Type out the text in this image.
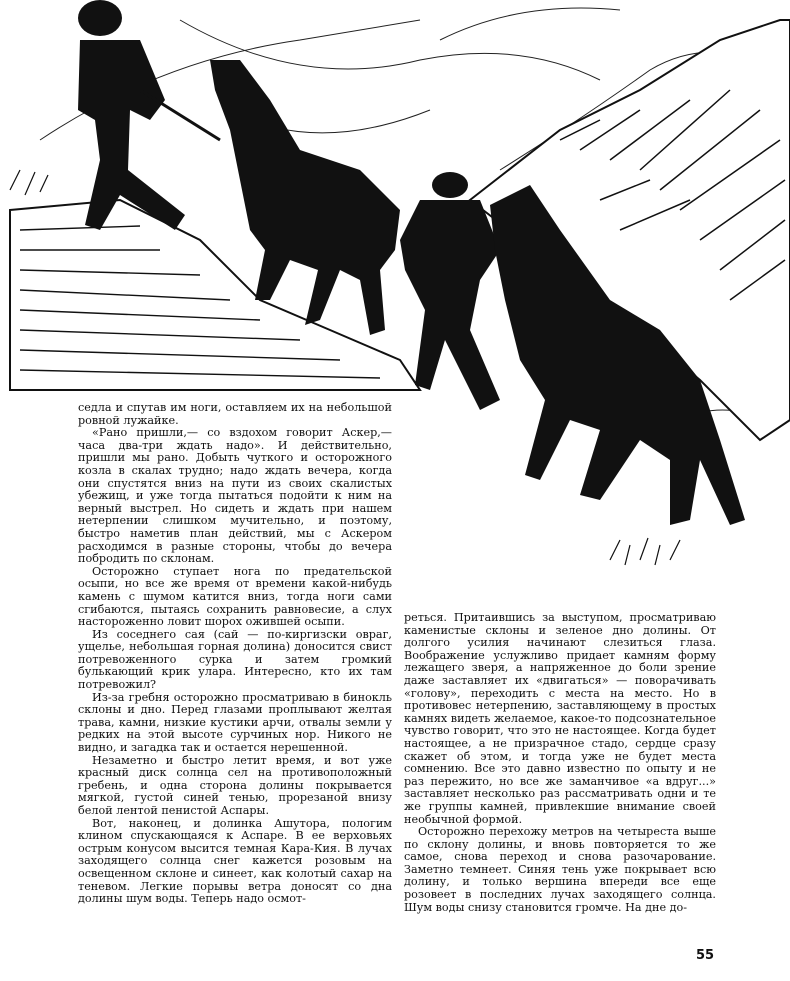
седла и спутав им ноги, оставляем их на небольшой ровной лужайке.

«Рано пришли,— со вздохом говорит Аскер,— часа два-три ждать надо». И действительно, пришли мы рано. Добыть чуткого и осторожного козла в скалах трудно; надо ждать вечера, когда они спустятся вниз на пути из своих скалистых убежищ, и уже тогда пытаться подойти к ним на верный выстрел. Но сидеть и ждать при нашем нетерпении слишком мучительно, и поэтому, быстро наметив план действий, мы с Аскером расходимся в разные стороны, чтобы до вечера побродить по склонам.

Осторожно ступает нога по предательской осыпи, но все же время от времени какой-нибудь камень с шумом катится вниз, тогда ноги сами сгибаются, пытаясь сохранить равновесие, а слух настороженно ловит шорох ожившей осыпи.

Из соседнего сая (сай — по-киргизски овраг, ущелье, небольшая горная долина) доносится свист потревоженного сурка и затем громкий булькающий крик улара. Интересно, кто их там потревожил?

Из-за гребня осторожно просматриваю в бинокль склоны и дно. Перед глазами проплывают желтая трава, камни, низкие кустики арчи, отвалы земли у редких на этой высоте сурчиных нор. Никого не видно, и загадка так и остается нерешенной.

Незаметно и быстро летит время, и вот уже красный диск солнца сел на противоположный гребень, и одна сторона долины покрывается мягкой, густой синей тенью, прорезаной внизу белой лентой пенистой Аспары.

Вот, наконец, и долинка Ашутора, пологим клином спускающаяся к Аспаре. В ее верховьях острым конусом высится темная Кара-Кия. В лучах заходящего солнца снег кажется розовым на освещенном склоне и синеет, как колотый сахар на теневом. Легкие порывы ветра доносят со дна долины шум воды. Теперь надо осмот-

реться. Притаившись за выступом, просматриваю каменистые склоны и зеленое дно долины. От долгого усилия начинают слезиться глаза. Воображение услужливо придает камням форму лежащего зверя, а напряженное до боли зрение даже заставляет их «двигаться» — поворачивать «голову», переходить с места на место. Но в противовес нетерпению, заставляющему в простых камнях видеть желаемое, какое-то подсознательное чувство говорит, что это не настоящее. Когда будет настоящее, а не призрачное стадо, сердце сразу скажет об этом, и тогда уже не будет места сомнению. Все это давно известно по опыту и не раз пережито, но все же заманчивое «а вдруг...» заставляет несколько раз рассматривать одни и те же группы камней, привлекшие внимание своей необычной формой.

Осторожно перехожу метров на четыреста выше по склону долины, и вновь повторяется то же самое, снова переход и снова разочарование. Заметно темнеет. Синяя тень уже покрывает всю долину, и только вершина впереди все еще розовеет в последних лучах заходящего солнца. Шум воды снизу становится громче. На дне до-

55
